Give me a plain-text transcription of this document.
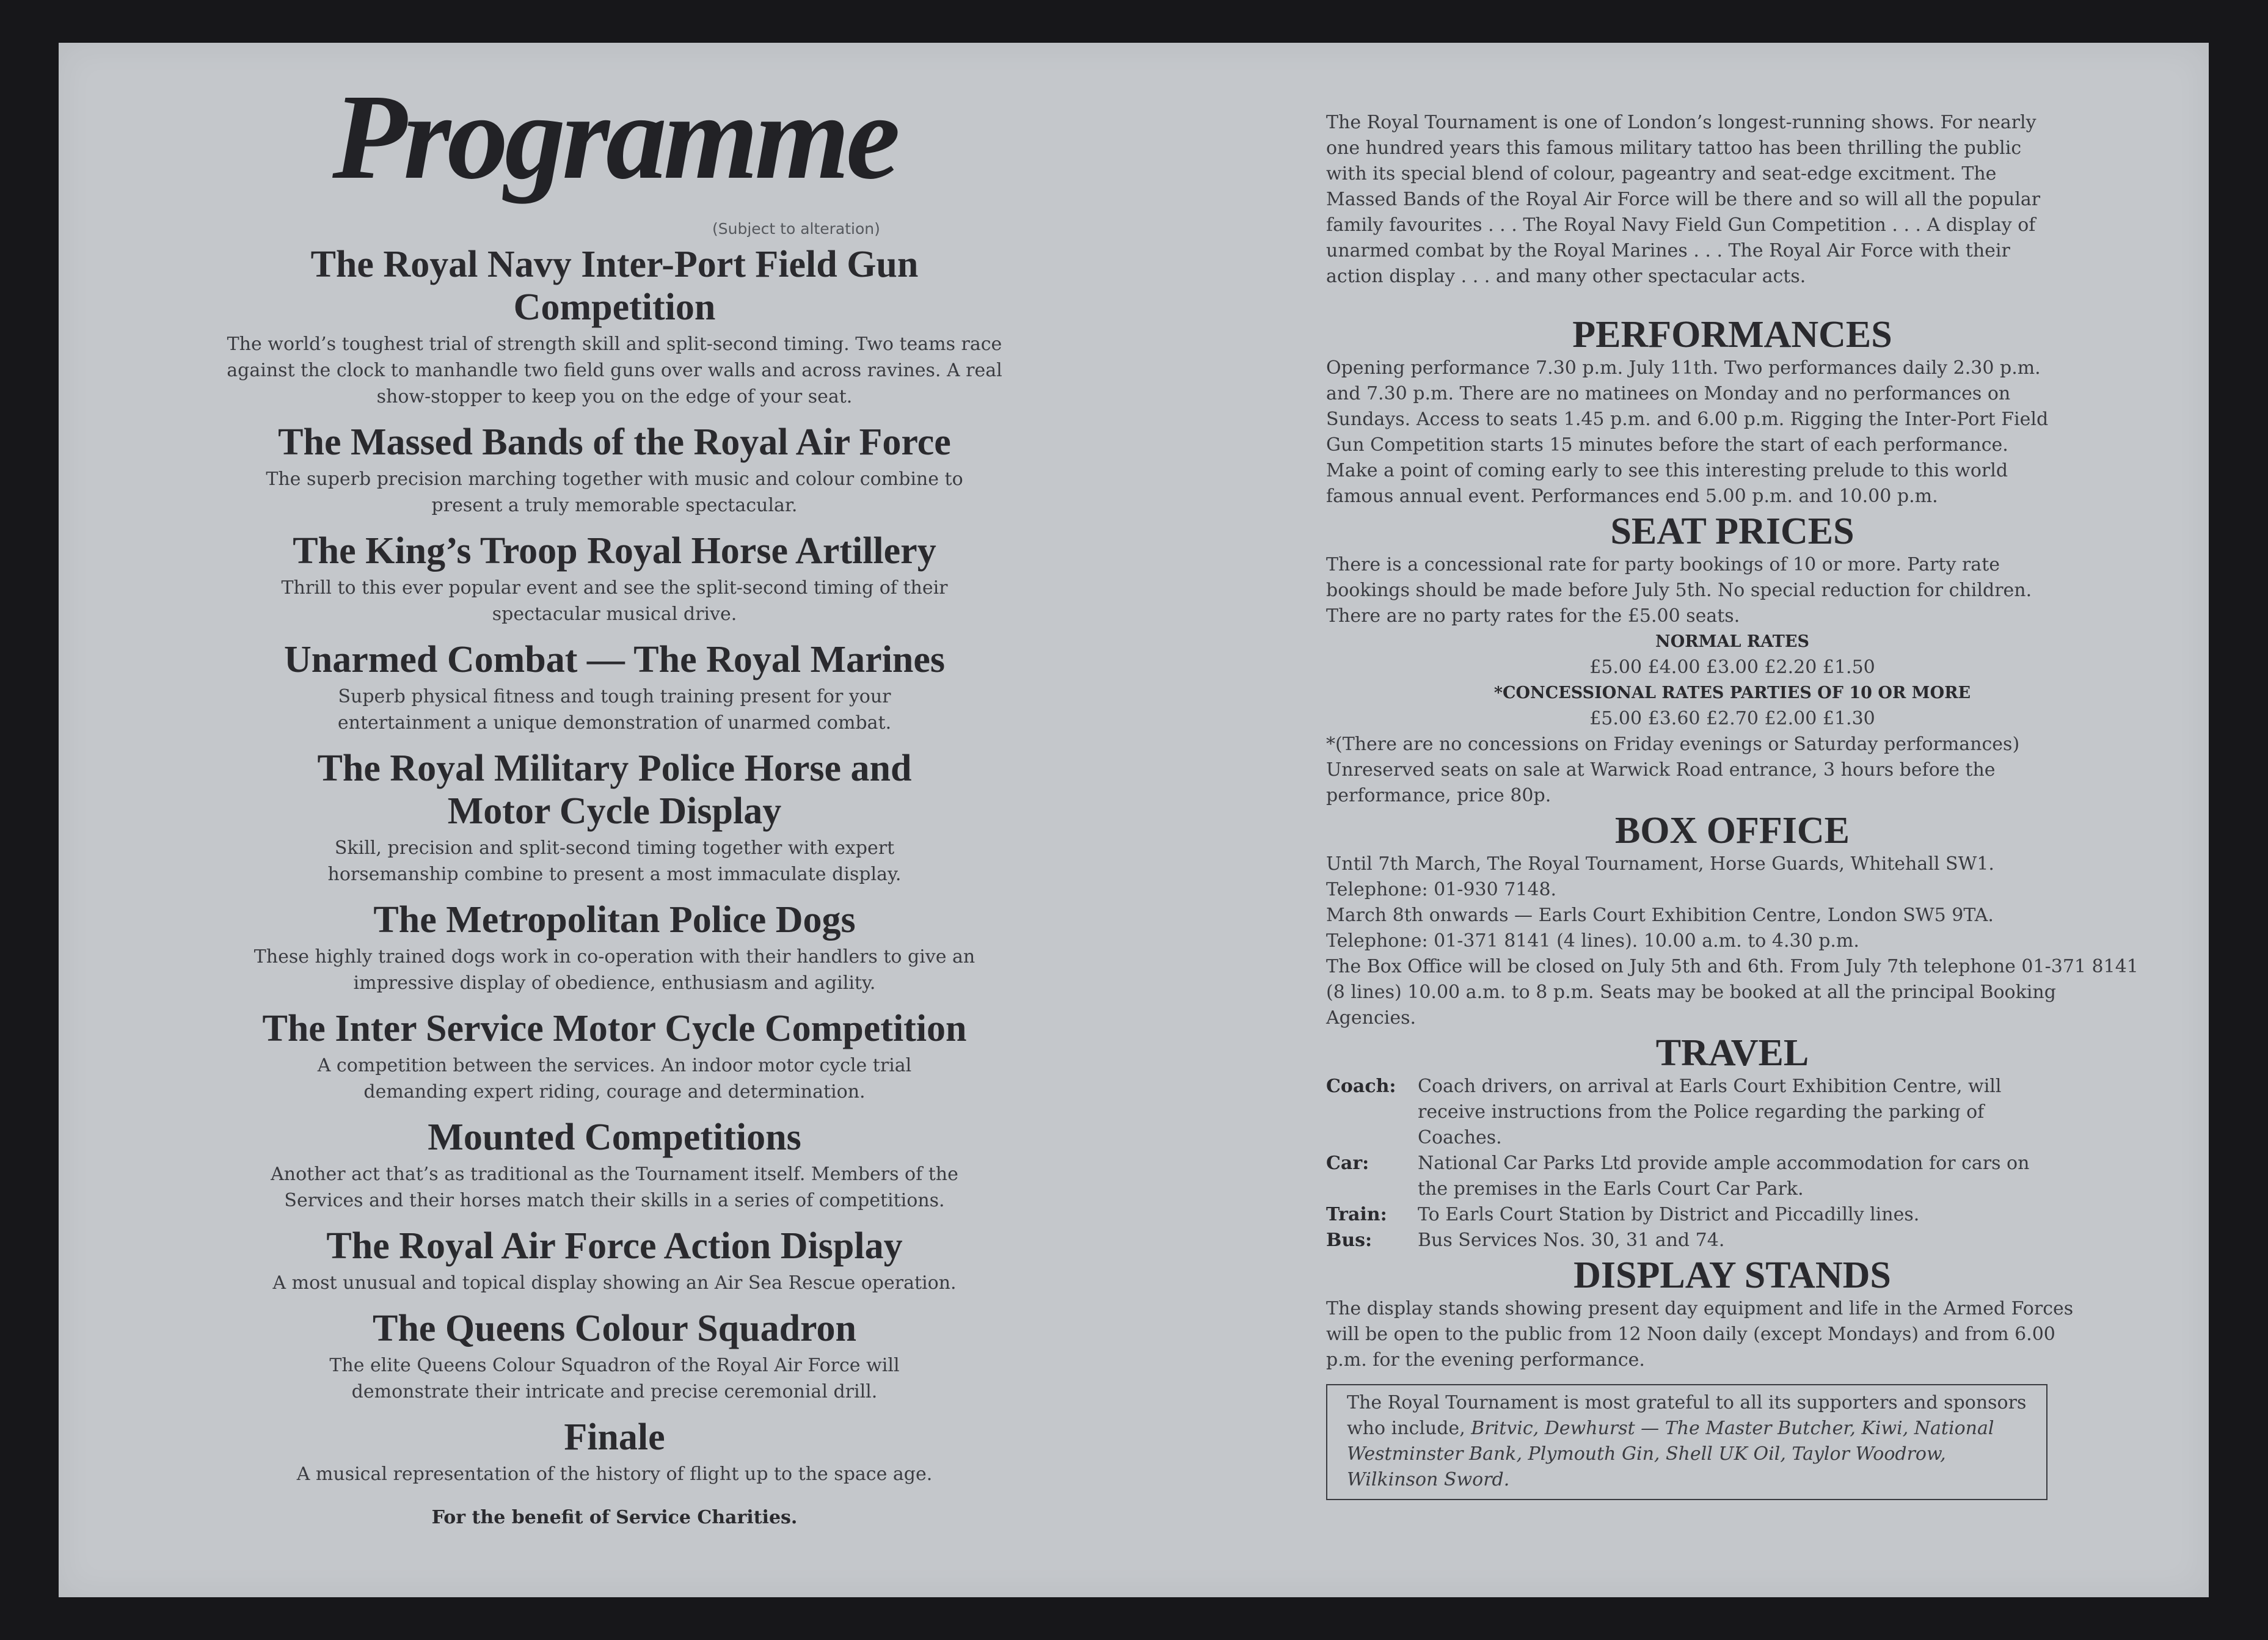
Programme
(Subject to alteration)
The Royal Navy Inter-Port Field Gun Competition

The world’s toughest trial of strength skill and split-second timing. Two teams race against the clock to manhandle two field guns over walls and across ravines. A real show-stopper to keep you on the edge of your seat.

The Massed Bands of the Royal Air Force

The superb precision marching together with music and colour combine to present a truly memorable spectacular.

The King’s Troop Royal Horse Artillery

Thrill to this ever popular event and see the split-second timing of their spectacular musical drive.

Unarmed Combat — The Royal Marines

Superb physical fitness and tough training present for your entertainment a unique demonstration of unarmed combat.

The Royal Military Police Horse and Motor Cycle Display

Skill, precision and split-second timing together with expert horsemanship combine to present a most immaculate display.

The Metropolitan Police Dogs

These highly trained dogs work in co-operation with their handlers to give an impressive display of obedience, enthusiasm and agility.

The Inter Service Motor Cycle Competition

A competition between the services. An indoor motor cycle trial demanding expert riding, courage and determination.

Mounted Competitions

Another act that’s as traditional as the Tournament itself. Members of the Services and their horses match their skills in a series of competitions.

The Royal Air Force Action Display

A most unusual and topical display showing an Air Sea Rescue operation.

The Queens Colour Squadron

The elite Queens Colour Squadron of the Royal Air Force will demonstrate their intricate and precise ceremonial drill.

Finale

A musical representation of the history of flight up to the space age.

For the benefit of Service Charities.

The Royal Tournament is one of London’s longest-running shows. For nearly one hundred years this famous military tattoo has been thrilling the public with its special blend of colour, pageantry and seat-edge excitment. The Massed Bands of the Royal Air Force will be there and so will all the popular family favourites . . . The Royal Navy Field Gun Competition . . . A display of unarmed combat by the Royal Marines . . . The Royal Air Force with their action display . . . and many other spectacular acts.

PERFORMANCES

Opening performance 7.30 p.m. July 11th. Two performances daily 2.30 p.m. and 7.30 p.m. There are no matinees on Monday and no performances on Sundays. Access to seats 1.45 p.m. and 6.00 p.m. Rigging the Inter-Port Field Gun Competition starts 15 minutes before the start of each performance. Make a point of coming early to see this interesting prelude to this world famous annual event. Performances end 5.00 p.m. and 10.00 p.m.

SEAT PRICES

There is a concessional rate for party bookings of 10 or more. Party rate bookings should be made before July 5th. No special reduction for children. There are no party rates for the £5.00 seats.

NORMAL RATES
£5.00 £4.00 £3.00 £2.20 £1.50
*CONCESSIONAL RATES PARTIES OF 10 OR MORE
£5.00 £3.60 £2.70 £2.00 £1.30

*(There are no concessions on Friday evenings or Saturday performances) Unreserved seats on sale at Warwick Road entrance, 3 hours before the performance, price 80p.

BOX OFFICE

Until 7th March, The Royal Tournament, Horse Guards, Whitehall SW1.

Telephone: 01-930 7148.

March 8th onwards — Earls Court Exhibition Centre, London SW5 9TA.

Telephone: 01-371 8141 (4 lines). 10.00 a.m. to 4.30 p.m.

The Box Office will be closed on July 5th and 6th. From July 7th telephone 01-371 8141 (8 lines) 10.00 a.m. to 8 p.m. Seats may be booked at all the principal Booking Agencies.

TRAVEL
Coach:	Coach drivers, on arrival at Earls Court Exhibition Centre, will receive instructions from the Police regarding the parking of Coaches.
Car:	National Car Parks Ltd provide ample accommodation for cars on the premises in the Earls Court Car Park.
Train:	To Earls Court Station by District and Piccadilly lines.
Bus:	Bus Services Nos. 30, 31 and 74.
DISPLAY STANDS

The display stands showing present day equipment and life in the Armed Forces will be open to the public from 12 Noon daily (except Mondays) and from 6.00 p.m. for the evening performance.

The Royal Tournament is most grateful to all its supporters and sponsors who include, Britvic, Dewhurst — The Master Butcher, Kiwi, National Westminster Bank, Plymouth Gin, Shell UK Oil, Taylor Woodrow, Wilkinson Sword.
